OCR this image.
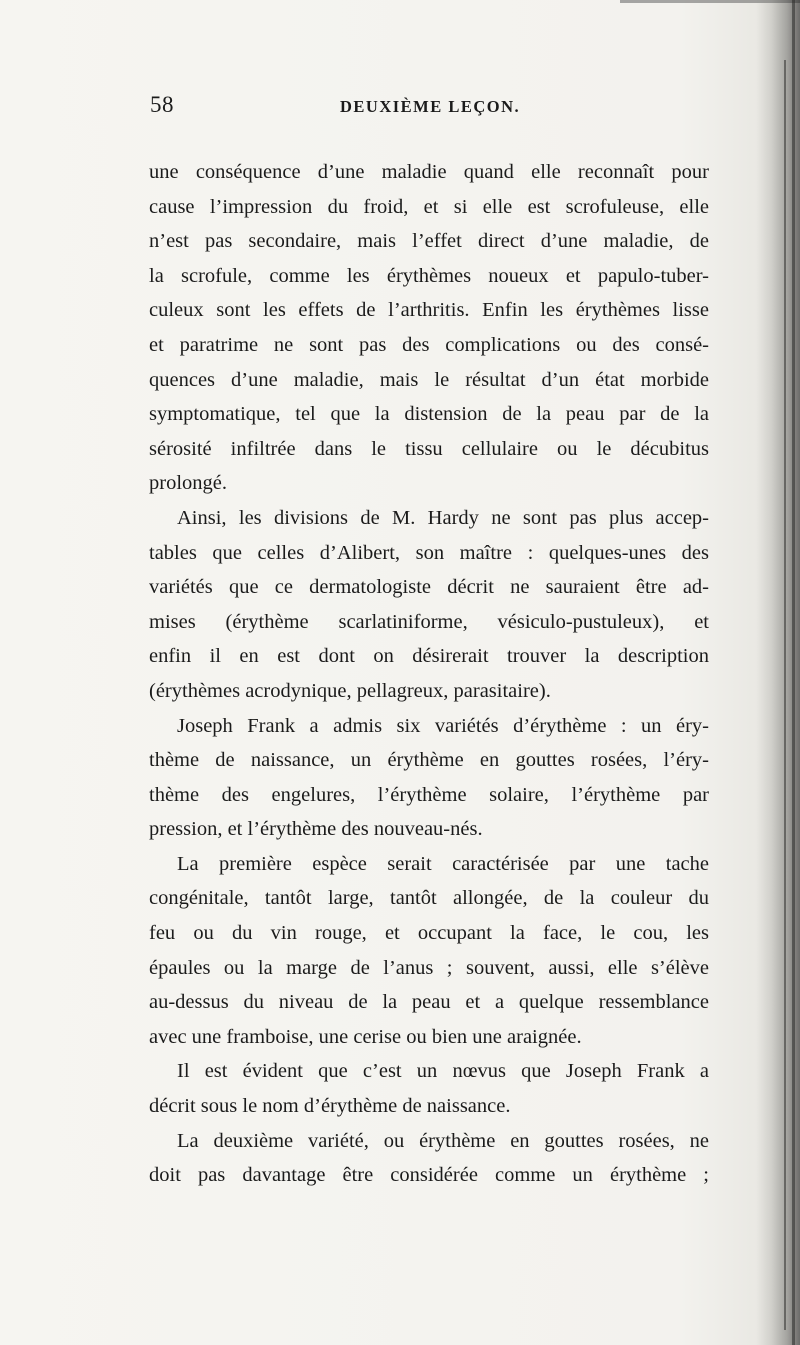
58	DEUXIÈME LEÇON.
une conséquence d’une maladie quand elle reconnaît pour
cause l’impression du froid, et si elle est scrofuleuse, elle
n’est pas secondaire, mais l’effet direct d’une maladie, de
la scrofule, comme les érythèmes noueux et papulo-tuber-
culeux sont les effets de l’arthritis. Enfin les érythèmes lisse
et paratrime ne sont pas des complications ou des consé-
quences d’une maladie, mais le résultat d’un état morbide
symptomatique, tel que la distension de la peau par de la
sérosité infiltrée dans le tissu cellulaire ou le décubitus
prolongé.
Ainsi, les divisions de M. Hardy ne sont pas plus accep-
tables que celles d’Alibert, son maître : quelques-unes des
variétés que ce dermatologiste décrit ne sauraient être ad-
mises (érythème scarlatiniforme, vésiculo-pustuleux), et
enfin il en est dont on désirerait trouver la description
(érythèmes acrodynique, pellagreux, parasitaire).
Joseph Frank a admis six variétés d’érythème : un éry-
thème de naissance, un érythème en gouttes rosées, l’éry-
thème des engelures, l’érythème solaire, l’érythème par
pression, et l’érythème des nouveau-nés.
La première espèce serait caractérisée par une tache
congénitale, tantôt large, tantôt allongée, de la couleur du
feu ou du vin rouge, et occupant la face, le cou, les
épaules ou la marge de l’anus ; souvent, aussi, elle s’élève
au-dessus du niveau de la peau et a quelque ressemblance
avec une framboise, une cerise ou bien une araignée.
Il est évident que c’est un nœvus que Joseph Frank a
décrit sous le nom d’érythème de naissance.
La deuxième variété, ou érythème en gouttes rosées, ne
doit pas davantage être considérée comme un érythème ;
